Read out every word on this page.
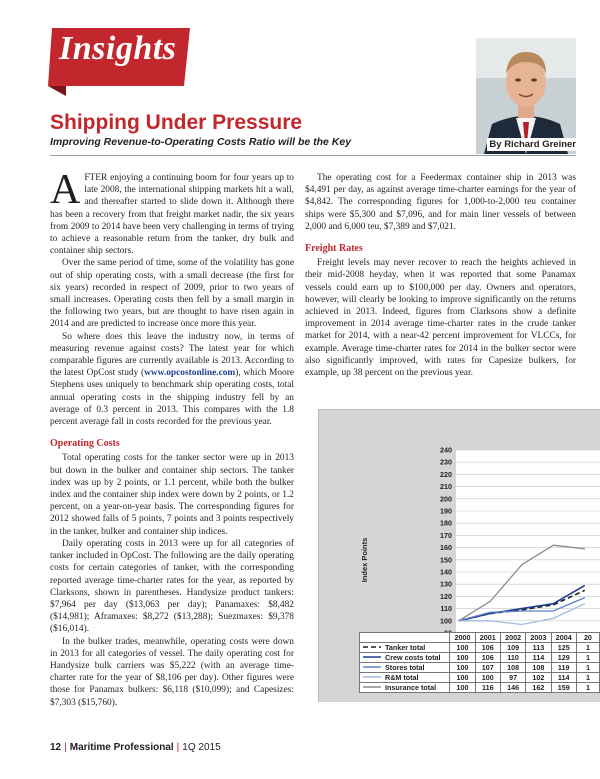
Insights
By Richard Greiner
Shipping Under Pressure
Improving Revenue-to-Operating Costs Ratio will be the Key

AFTER enjoying a continuing boom for four years up to late 2008, the international shipping markets hit a wall, and thereafter started to slide down it. Although there has been a recovery from that freight market nadir, the six years from 2009 to 2014 have been very challenging in terms of trying to achieve a reasonable return from the tanker, dry bulk and container ship sectors.

Over the same period of time, some of the volatility has gone out of ship operating costs, with a small decrease (the first for six years) recorded in respect of 2009, prior to two years of small increases. Operating costs then fell by a small margin in the following two years, but are thought to have risen again in 2014 and are predicted to increase once more this year.

So where does this leave the industry now, in terms of measuring revenue against costs? The latest year for which comparable figures are currently available is 2013. According to the latest OpCost study (www.opcostonline.com), which Moore Stephens uses uniquely to benchmark ship operating costs, total annual operating costs in the shipping industry fell by an average of 0.3 percent in 2013. This compares with the 1.8 percent average fall in costs recorded for the previous year.

Operating Costs

Total operating costs for the tanker sector were up in 2013 but down in the bulker and container ship sectors. The tanker index was up by 2 points, or 1.1 percent, while both the bulker index and the container ship index were down by 2 points, or 1.2 percent, on a year-on-year basis. The corresponding figures for 2012 showed falls of 5 points, 7 points and 3 points respectively in the tanker, bulker and container ship indices.

Daily operating costs in 2013 were up for all categories of tanker included in OpCost. The following are the daily operating costs for certain categories of tanker, with the corresponding reported average time-charter rates for the year, as reported by Clarksons, shown in parentheses. Handysize product tankers: $7,964 per day ($13,063 per day); Panamaxes: $8,482 ($14,981); Aframaxes: $8,272 ($13,288); Suezmaxes: $9,378 ($16,014).

In the bulker trades, meanwhile, operating costs were down in 2013 for all categories of vessel. The daily operating cost for Handysize bulk carriers was $5,222 (with an average time-charter rate for the year of $8,106 per day). Other figures were those for Panamax bulkers: $6,118 ($10,099); and Capesizes: $7,303 ($15,760).

The operating cost for a Feedermax container ship in 2013 was $4,491 per day, as against average time-charter earnings for the year of $4,842. The corresponding figures for 1,000-to-2,000 teu container ships were $5,300 and $7,096, and for main liner vessels of between 2,000 and 6,000 teu, $7,389 and $7,021.

Freight Rates

Freight levels may never recover to reach the heights achieved in their mid-2008 heyday, when it was reported that some Panamax vessels could earn up to $100,000 per day. Owners and operators, however, will clearly be looking to improve significantly on the returns achieved in 2013. Indeed, figures from Clarksons show a definite improvement in 2014 average time-charter rates in the crude tanker market for 2014, with a near-42 percent improvement for VLCCs, for example. Average time-charter rates for 2014 in the bulker sector were also significantly improved, with rates for Capesize bulkers, for example, up 38 percent on the previous year.

100
110
120
130
140
150
160
170
180
190
200
210
220
230
240
Index Points
	2000	2001	2002	2003	2004	20
Tanker total	100	106	109	113	125	1
Crew costs total	100	106	110	114	129	1
Stores total	100	107	108	108	119	1
R&M total	100	100	97	102	114	1
Insurance total	100	116	146	162	159	1
12 | Maritime Professional | 1Q 2015
